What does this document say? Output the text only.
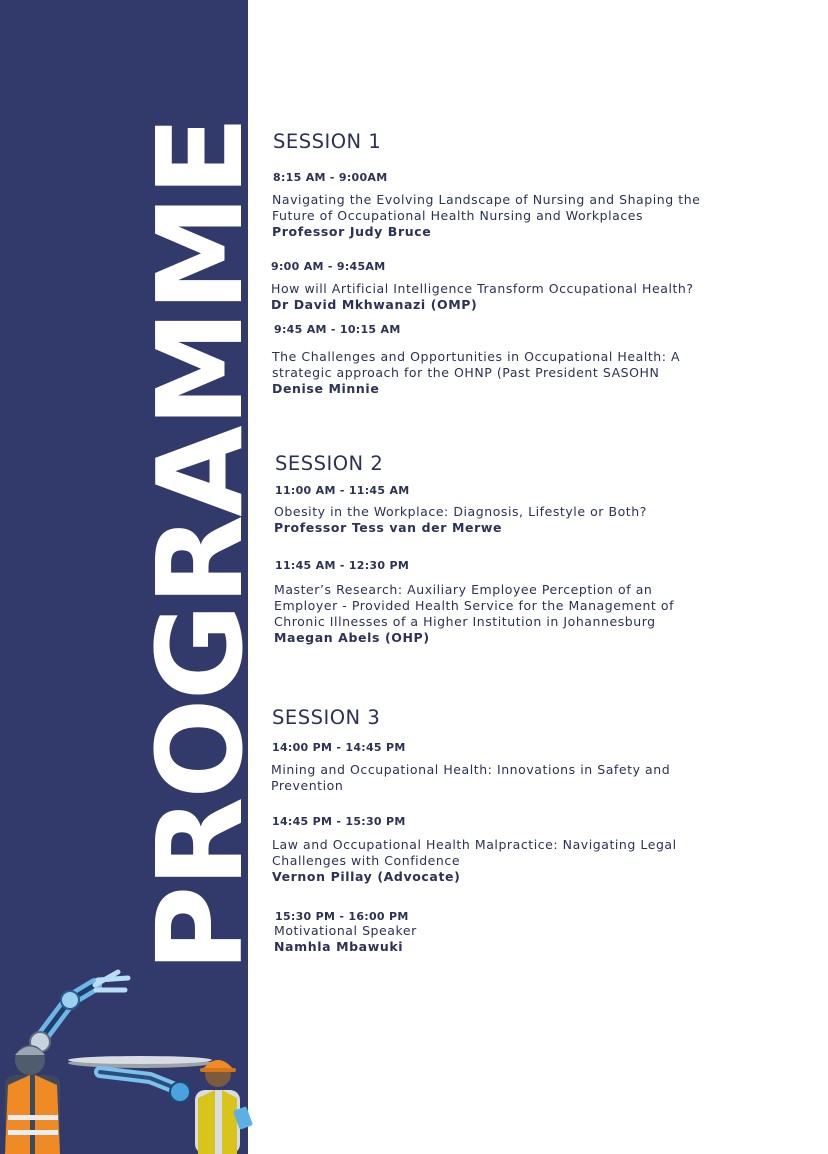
PROGRAMME SESSION 1
8:15 AM - 9:00AM
Navigating the Evolving Landscape of Nursing and Shaping the
Future of Occupational Health Nursing and Workplaces
Professor Judy Bruce
9:00 AM - 9:45AM
How will Artificial Intelligence Transform Occupational Health?
Dr David Mkhwanazi (OMP)
9:45 AM - 10:15 AM
The Challenges and Opportunities in Occupational Health: A
strategic approach for the OHNP (Past President SASOHN
Denise Minnie
SESSION 2
11:00 AM - 11:45 AM
Obesity in the Workplace: Diagnosis, Lifestyle or Both?
Professor Tess van der Merwe
11:45 AM - 12:30 PM
Master’s Research: Auxiliary Employee Perception of an
Employer - Provided Health Service for the Management of
Chronic Illnesses of a Higher Institution in Johannesburg
Maegan Abels (OHP)
SESSION 3
14:00 PM - 14:45 PM
Mining and Occupational Health: Innovations in Safety and
Prevention
14:45 PM - 15:30 PM
Law and Occupational Health Malpractice: Navigating Legal
Challenges with Confidence
Vernon Pillay (Advocate)
15:30 PM - 16:00 PM
Motivational Speaker
Namhla Mbawuki
